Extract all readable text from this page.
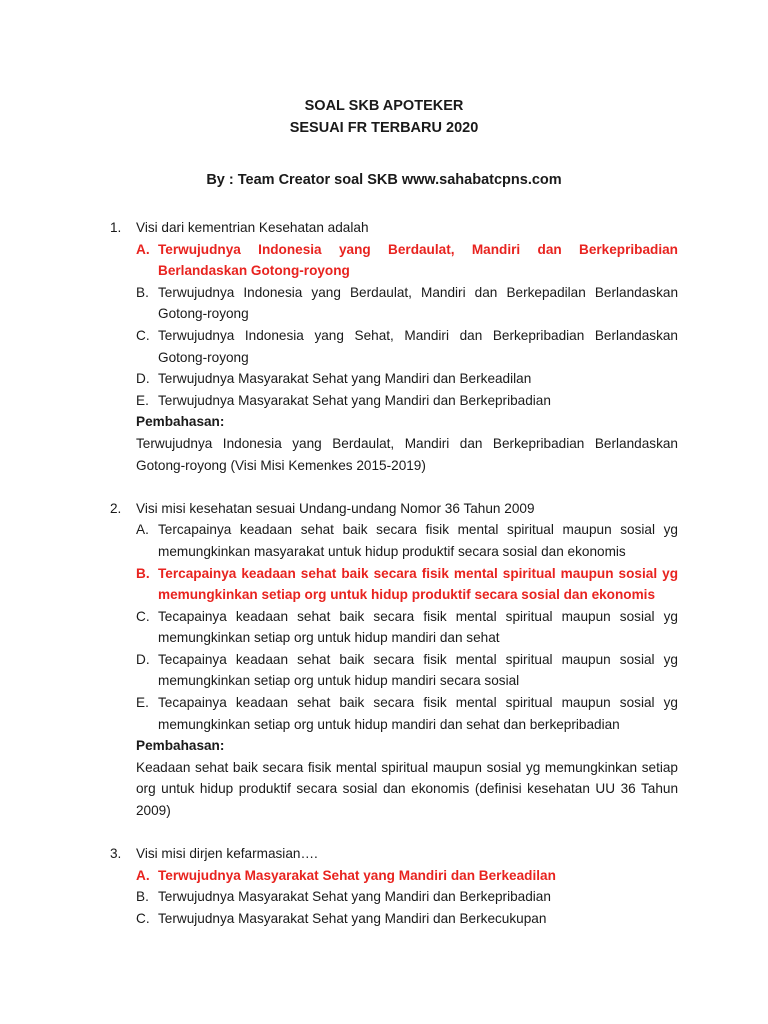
SOAL SKB APOTEKER
SESUAI FR TERBARU 2020
By : Team Creator soal SKB www.sahabatcpns.com
1.	Visi dari kementrian Kesehatan adalah
A. Terwujudnya Indonesia yang Berdaulat, Mandiri dan Berkepribadian Berlandaskan Gotong-royong
B. Terwujudnya Indonesia yang Berdaulat, Mandiri dan Berkepadilan Berlandaskan Gotong-royong
C. Terwujudnya Indonesia yang Sehat, Mandiri dan Berkepribadian Berlandaskan Gotong-royong
D. Terwujudnya Masyarakat Sehat yang Mandiri dan Berkeadilan
E. Terwujudnya Masyarakat Sehat yang Mandiri dan Berkepribadian
Pembahasan:
Terwujudnya Indonesia yang Berdaulat, Mandiri dan Berkepribadian Berlandaskan Gotong-royong (Visi Misi Kemenkes 2015-2019)
2.	Visi misi kesehatan sesuai Undang-undang Nomor 36 Tahun 2009
A. Tercapainya keadaan sehat baik secara fisik mental spiritual maupun sosial yg memungkinkan masyarakat untuk hidup produktif secara sosial dan ekonomis
B. Tercapainya keadaan sehat baik secara fisik mental spiritual maupun sosial yg memungkinkan setiap org untuk hidup produktif secara sosial dan ekonomis
C. Tecapainya keadaan sehat baik secara fisik mental spiritual maupun sosial yg memungkinkan setiap org untuk hidup mandiri dan sehat
D. Tecapainya keadaan sehat baik secara fisik mental spiritual maupun sosial yg memungkinkan setiap org untuk hidup mandiri secara sosial
E. Tecapainya keadaan sehat baik secara fisik mental spiritual maupun sosial yg memungkinkan setiap org untuk hidup mandiri dan sehat dan berkepribadian
Pembahasan:
Keadaan sehat baik secara fisik mental spiritual maupun sosial yg memungkinkan setiap org untuk hidup produktif secara sosial dan ekonomis (definisi kesehatan UU 36 Tahun 2009)
3.	Visi misi dirjen kefarmasian….
A. Terwujudnya Masyarakat Sehat yang Mandiri dan Berkeadilan
B. Terwujudnya Masyarakat Sehat yang Mandiri dan Berkepribadian
C. Terwujudnya Masyarakat Sehat yang Mandiri dan Berkecukupan
